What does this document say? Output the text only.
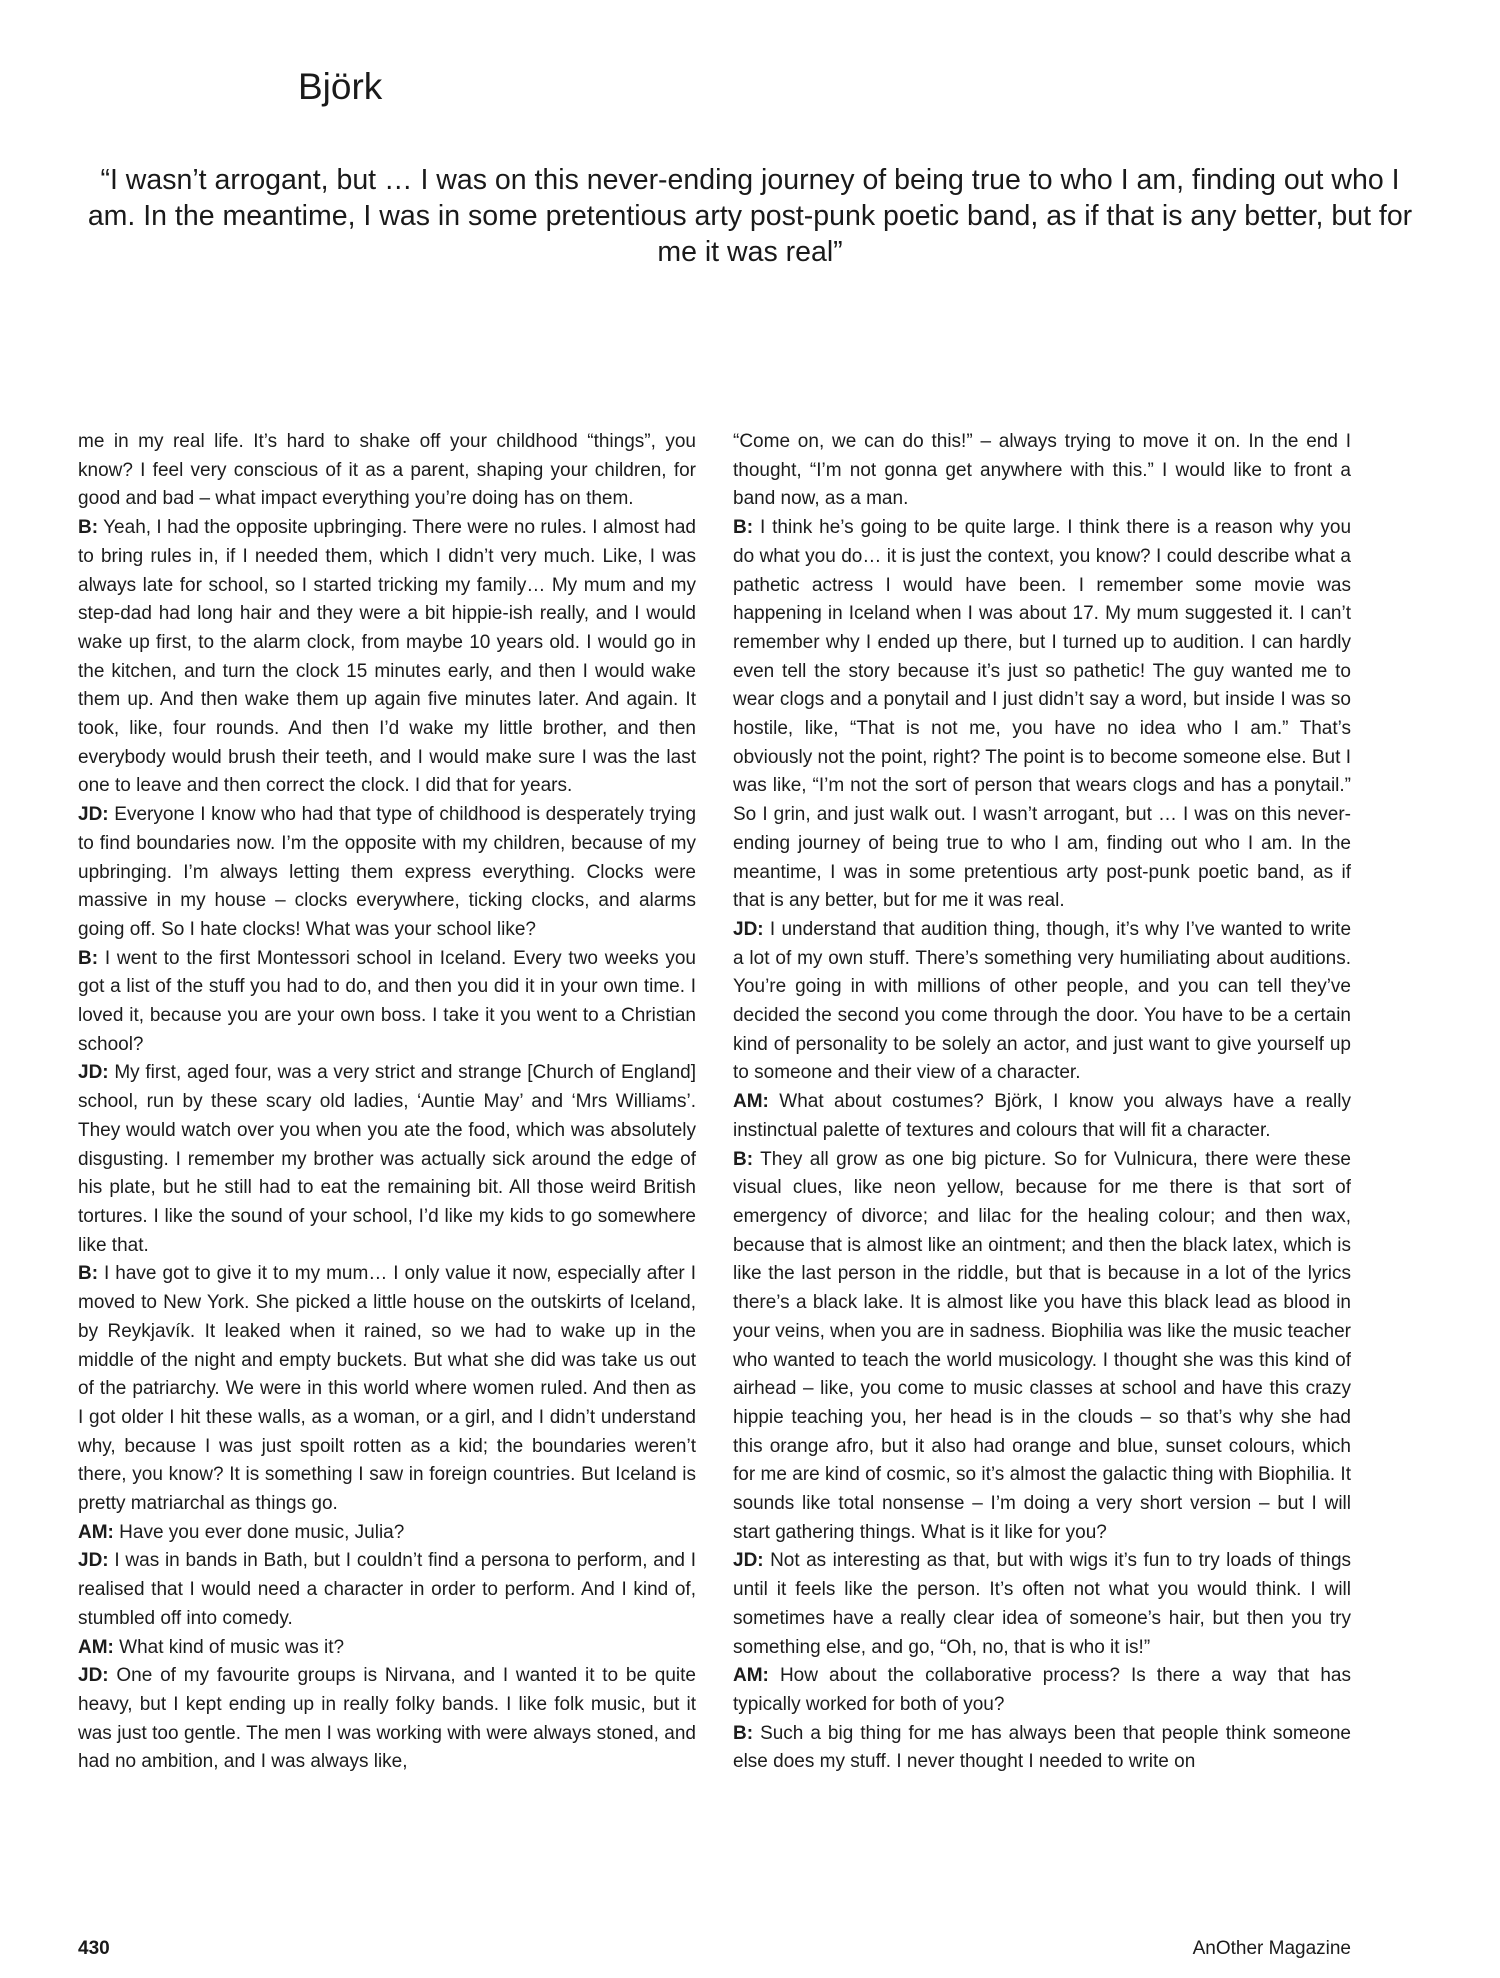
Björk

“I wasn’t arrogant, but … I was on this never-ending journey of being true to who I am, finding out who I am. In the meantime, I was in some pretentious arty post-punk poetic band, as if that is any better, but for me it was real”

me in my real life. It’s hard to shake off your childhood “things”, you know? I feel very conscious of it as a parent, shaping your children, for good and bad – what impact everything you’re doing has on them.

B: Yeah, I had the opposite upbringing. There were no rules. I almost had to bring rules in, if I needed them, which I didn’t very much. Like, I was always late for school, so I started tricking my family… My mum and my step-dad had long hair and they were a bit hippie-ish really, and I would wake up first, to the alarm clock, from maybe 10 years old. I would go in the kitchen, and turn the clock 15 minutes early, and then I would wake them up. And then wake them up again five minutes later. And again. It took, like, four rounds. And then I’d wake my little brother, and then everybody would brush their teeth, and I would make sure I was the last one to leave and then correct the clock. I did that for years.

JD: Everyone I know who had that type of childhood is desperately trying to find boundaries now. I’m the opposite with my children, because of my upbringing. I’m always letting them express everything. Clocks were massive in my house – clocks everywhere, ticking clocks, and alarms going off. So I hate clocks! What was your school like?

B: I went to the first Montessori school in Iceland. Every two weeks you got a list of the stuff you had to do, and then you did it in your own time. I loved it, because you are your own boss. I take it you went to a Christian school?

JD: My first, aged four, was a very strict and strange [Church of England] school, run by these scary old ladies, ‘Auntie May’ and ‘Mrs Williams’. They would watch over you when you ate the food, which was absolutely disgusting. I remember my brother was actually sick around the edge of his plate, but he still had to eat the remaining bit. All those weird British tortures. I like the sound of your school, I’d like my kids to go somewhere like that.

B: I have got to give it to my mum… I only value it now, especially after I moved to New York. She picked a little house on the outskirts of Iceland, by Reykjavík. It leaked when it rained, so we had to wake up in the middle of the night and empty buckets. But what she did was take us out of the patriarchy. We were in this world where women ruled. And then as I got older I hit these walls, as a woman, or a girl, and I didn’t understand why, because I was just spoilt rotten as a kid; the boundaries weren’t there, you know? It is something I saw in foreign countries. But Iceland is pretty matriarchal as things go.

AM: Have you ever done music, Julia?

JD: I was in bands in Bath, but I couldn’t find a persona to perform, and I realised that I would need a character in order to perform. And I kind of, stumbled off into comedy.

AM: What kind of music was it?

JD: One of my favourite groups is Nirvana, and I wanted it to be quite heavy, but I kept ending up in really folky bands. I like folk music, but it was just too gentle. The men I was working with were always stoned, and had no ambition, and I was always like,

“Come on, we can do this!” – always trying to move it on. In the end I thought, “I’m not gonna get anywhere with this.” I would like to front a band now, as a man.

B: I think he’s going to be quite large. I think there is a reason why you do what you do… it is just the context, you know? I could describe what a pathetic actress I would have been. I remember some movie was happening in Iceland when I was about 17. My mum suggested it. I can’t remember why I ended up there, but I turned up to audition. I can hardly even tell the story because it’s just so pathetic! The guy wanted me to wear clogs and a ponytail and I just didn’t say a word, but inside I was so hostile, like, “That is not me, you have no idea who I am.” That’s obviously not the point, right? The point is to become someone else. But I was like, “I’m not the sort of person that wears clogs and has a ponytail.” So I grin, and just walk out. I wasn’t arrogant, but … I was on this never-ending journey of being true to who I am, finding out who I am. In the meantime, I was in some pretentious arty post-punk poetic band, as if that is any better, but for me it was real.

JD: I understand that audition thing, though, it’s why I’ve wanted to write a lot of my own stuff. There’s something very humiliating about auditions. You’re going in with millions of other people, and you can tell they’ve decided the second you come through the door. You have to be a certain kind of personality to be solely an actor, and just want to give yourself up to someone and their view of a character.

AM: What about costumes? Björk, I know you always have a really instinctual palette of textures and colours that will fit a character.

B: They all grow as one big picture. So for Vulnicura, there were these visual clues, like neon yellow, because for me there is that sort of emergency of divorce; and lilac for the healing colour; and then wax, because that is almost like an ointment; and then the black latex, which is like the last person in the riddle, but that is because in a lot of the lyrics there’s a black lake. It is almost like you have this black lead as blood in your veins, when you are in sadness. Biophilia was like the music teacher who wanted to teach the world musicology. I thought she was this kind of airhead – like, you come to music classes at school and have this crazy hippie teaching you, her head is in the clouds – so that’s why she had this orange afro, but it also had orange and blue, sunset colours, which for me are kind of cosmic, so it’s almost the galactic thing with Biophilia. It sounds like total nonsense – I’m doing a very short version – but I will start gathering things. What is it like for you?

JD: Not as interesting as that, but with wigs it’s fun to try loads of things until it feels like the person. It’s often not what you would think. I will sometimes have a really clear idea of someone’s hair, but then you try something else, and go, “Oh, no, that is who it is!”

AM: How about the collaborative process? Is there a way that has typically worked for both of you?

B: Such a big thing for me has always been that people think someone else does my stuff. I never thought I needed to write on

430	AnOther Magazine
